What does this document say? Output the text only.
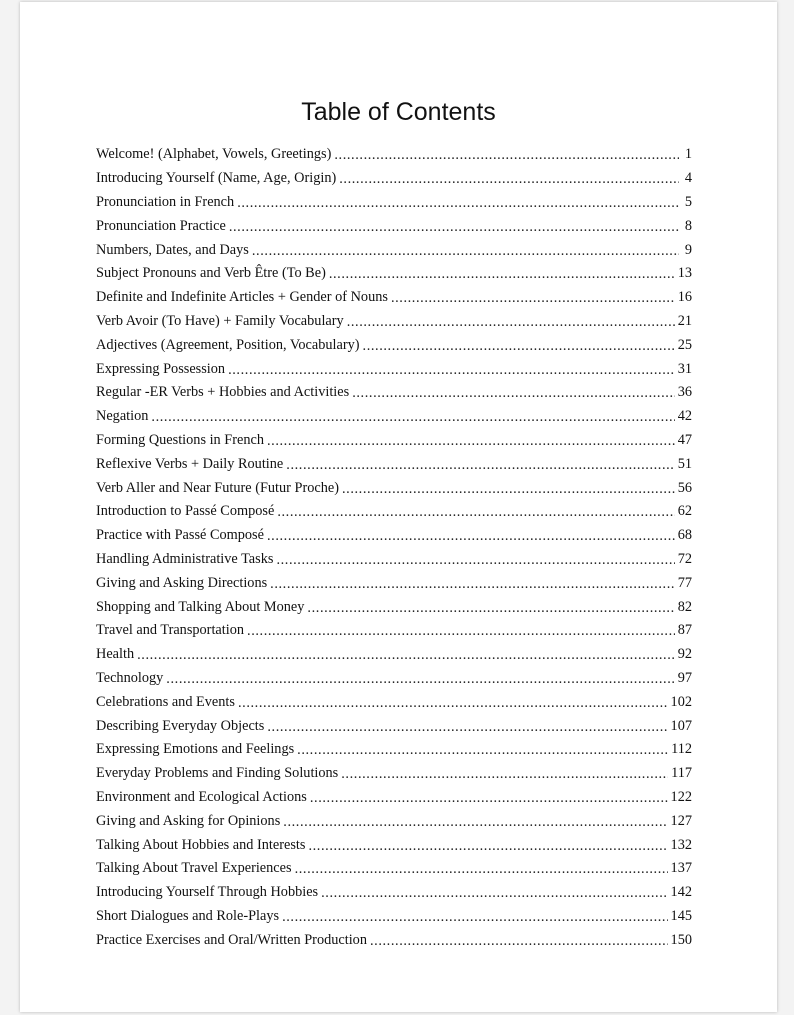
Table of Contents
Welcome! (Alphabet, Vowels, Greetings) .....	1
Introducing Yourself (Name, Age, Origin) .....	4
Pronunciation in French .....	5
Pronunciation Practice .....	8
Numbers, Dates, and Days .....	9
Subject Pronouns and Verb Être (To Be) .....	13
Definite and Indefinite Articles + Gender of Nouns .....	16
Verb Avoir (To Have) + Family Vocabulary .....	21
Adjectives (Agreement, Position, Vocabulary) .....	25
Expressing Possession .....	31
Regular -ER Verbs + Hobbies and Activities .....	36
Negation .....	42
Forming Questions in French .....	47
Reflexive Verbs + Daily Routine .....	51
Verb Aller and Near Future (Futur Proche) .....	56
Introduction to Passé Composé .....	62
Practice with Passé Composé .....	68
Handling Administrative Tasks .....	72
Giving and Asking Directions .....	77
Shopping and Talking About Money .....	82
Travel and Transportation .....	87
Health .....	92
Technology .....	97
Celebrations and Events .....	102
Describing Everyday Objects .....	107
Expressing Emotions and Feelings .....	112
Everyday Problems and Finding Solutions .....	117
Environment and Ecological Actions .....	122
Giving and Asking for Opinions .....	127
Talking About Hobbies and Interests .....	132
Talking About Travel Experiences .....	137
Introducing Yourself Through Hobbies .....	142
Short Dialogues and Role-Plays .....	145
Practice Exercises and Oral/Written Production .....	150
